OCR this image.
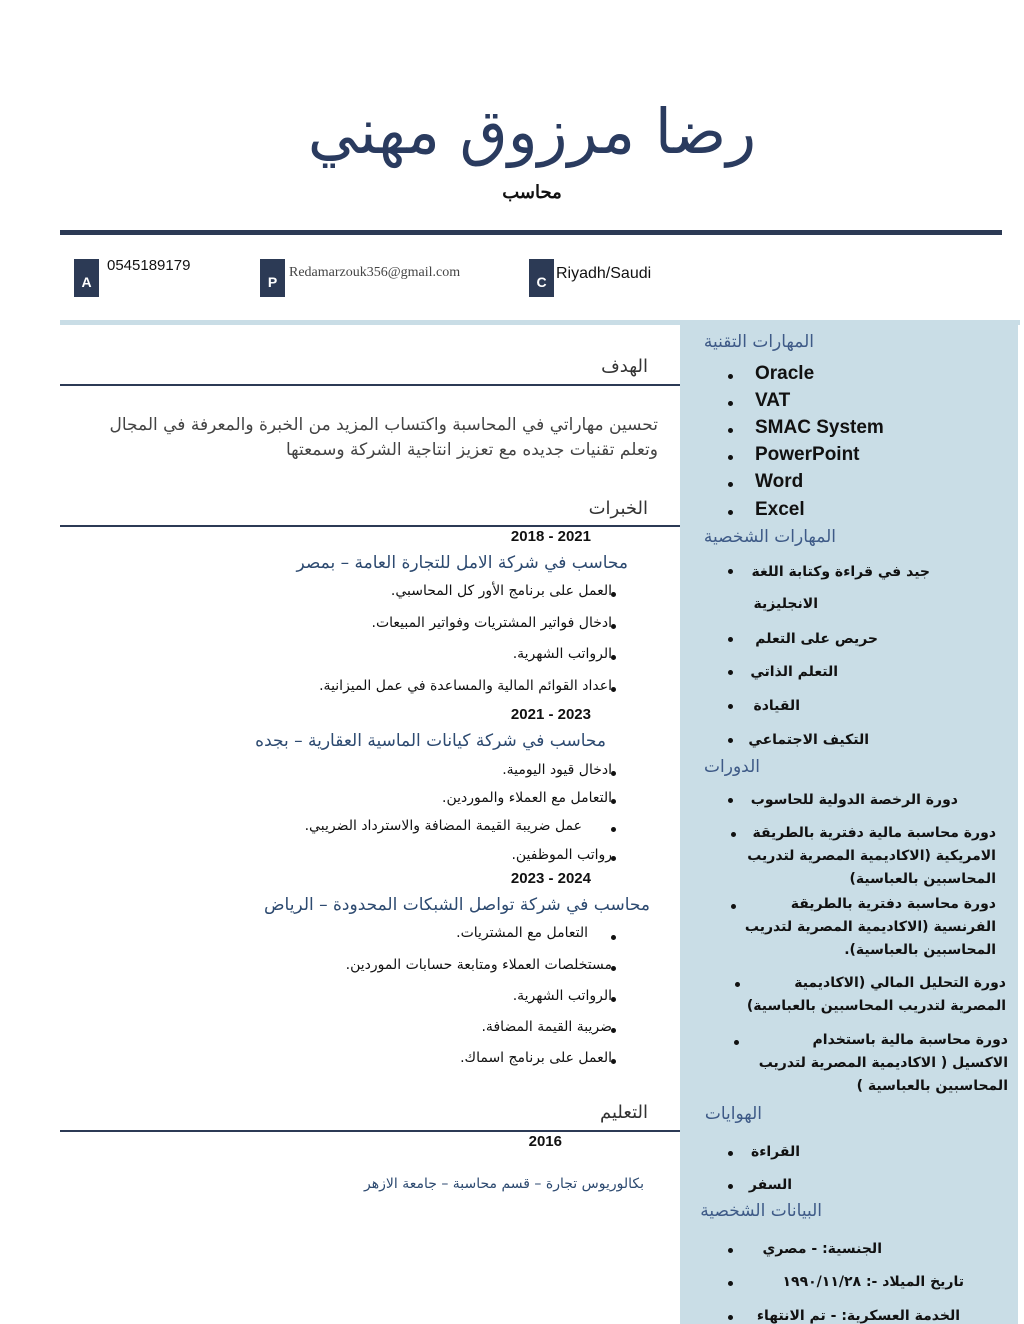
رضا مرزوق مهني
محاسب
A
0545189179
P
Redamarzouk356@gmail.com
C Riyadh/Saudi
الهدف
تحسين مهاراتي في المحاسبة واكتساب المزيد من الخبرة والمعرفة في المجال
وتعلم تقنيات جديده مع تعزيز انتاجية الشركة وسمعتها
الخبرات
2018 - 2021
محاسب في شركة الامل للتجارة العامة – بمصر
العمل على برنامج الأور كل المحاسبي.
ادخال فواتير المشتريات وفواتير المبيعات.
الرواتب الشهرية.
اعداد القوائم المالية والمساعدة في عمل الميزانية.
2021 - 2023
محاسب في شركة كيانات الماسية العقارية – بجده
ادخال قيود اليومية.
التعامل مع العملاء والموردين.
عمل ضريبة القيمة المضافة والاسترداد الضريبي.
رواتب الموظفين.
2023 - 2024
محاسب في شركة تواصل الشبكات المحدودة – الرياض
التعامل مع المشتريات.
مستخلصات العملاء ومتابعة حسابات الموردين.
الرواتب الشهرية.
ضريبة القيمة المضافة.
العمل على برنامج اسماك.
التعليم
2016
بكالوريوس تجارة – قسم محاسبة – جامعة الازهر
المهارات التقنية
Oracle
VAT
SMAC System
PowerPoint
Word
Excel
المهارات الشخصية
جيد في قراءة وكتابة اللغة
الانجليزية
حريص على التعلم
التعلم الذاتي
القيادة
التكيف الاجتماعي
الدورات
دورة الرخصة الدولية للحاسوب
دورة محاسبة مالية دفترية بالطريقة
الامريكية (الاكاديمية المصرية لتدريب
المحاسبين بالعباسية)
دورة محاسبة دفترية بالطريقة
الفرنسية (الاكاديمية المصرية لتدريب
المحاسبين بالعباسية).
دورة التحليل المالي (الاكاديمية
المصرية لتدريب المحاسبين بالعباسية)
دورة محاسبة مالية باستخدام
الاكسيل ( الاكاديمية المصرية لتدريب
المحاسبين بالعباسية )
الهوايات
القراءة
السفر
البيانات الشخصية
الجنسية: - مصري
تاريخ الميلاد -: ١٩٩٠/١١/٢٨
الخدمة العسكرية: - تم الانتهاء
